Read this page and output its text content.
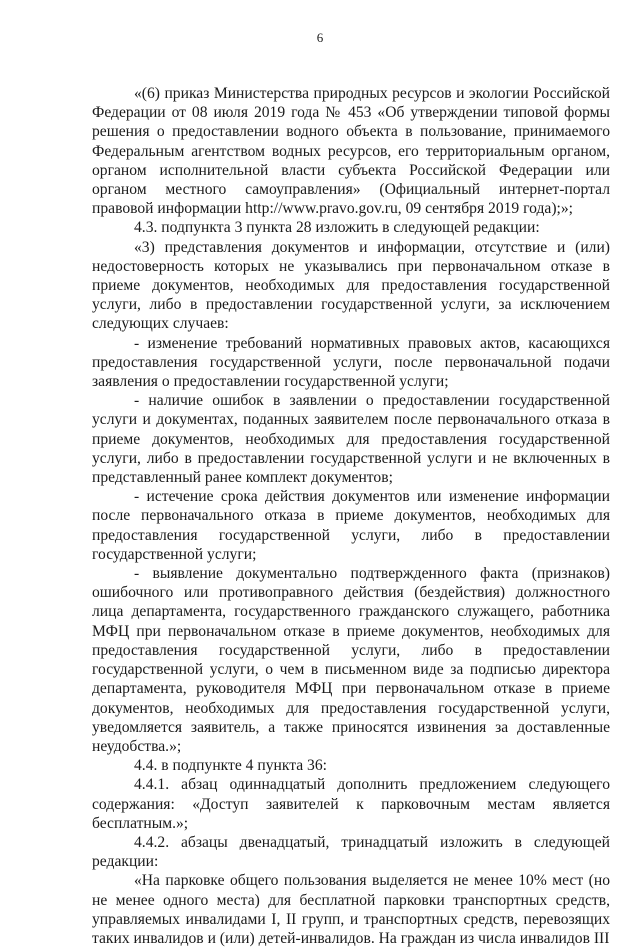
6

«(6) приказ Министерства природных ресурсов и экологии Российской Федерации от 08 июля 2019 года № 453 «Об утверждении типовой формы решения о предоставлении водного объекта в пользование, принимаемого Федеральным агентством водных ресурсов, его территориальным органом, органом исполнительной власти субъекта Российской Федерации или органом местного самоуправления» (Официальный интернет-портал правовой информации http://www.pravo.gov.ru, 09 сентября 2019 года);»;

4.3. подпункта 3 пункта 28 изложить в следующей редакции:

«3) представления документов и информации, отсутствие и (или) недостоверность которых не указывались при первоначальном отказе в приеме документов, необходимых для предоставления государственной услуги, либо в предоставлении государственной услуги, за исключением следующих случаев:

- изменение требований нормативных правовых актов, касающихся предоставления государственной услуги, после первоначальной подачи заявления о предоставлении государственной услуги;

- наличие ошибок в заявлении о предоставлении государственной услуги и документах, поданных заявителем после первоначального отказа в приеме документов, необходимых для предоставления государственной услуги, либо в предоставлении государственной услуги и не включенных в представленный ранее комплект документов;

- истечение срока действия документов или изменение информации после первоначального отказа в приеме документов, необходимых для предоставления государственной услуги, либо в предоставлении государственной услуги;

- выявление документально подтвержденного факта (признаков) ошибочного или противоправного действия (бездействия) должностного лица департамента, государственного гражданского служащего, работника МФЦ при первоначальном отказе в приеме документов, необходимых для предоставления государственной услуги, либо в предоставлении государственной услуги, о чем в письменном виде за подписью директора департамента, руководителя МФЦ при первоначальном отказе в приеме документов, необходимых для предоставления государственной услуги, уведомляется заявитель, а также приносятся извинения за доставленные неудобства.»;

4.4. в подпункте 4 пункта 36:

4.4.1. абзац одиннадцатый дополнить предложением следующего содержания: «Доступ заявителей к парковочным местам является бесплатным.»;

4.4.2. абзацы двенадцатый, тринадцатый изложить в следующей редакции:

«На парковке общего пользования выделяется не менее 10% мест (но не менее одного места) для бесплатной парковки транспортных средств, управляемых инвалидами I, II групп, и транспортных средств, перевозящих таких инвалидов и (или) детей-инвалидов. На граждан из числа инвалидов III
